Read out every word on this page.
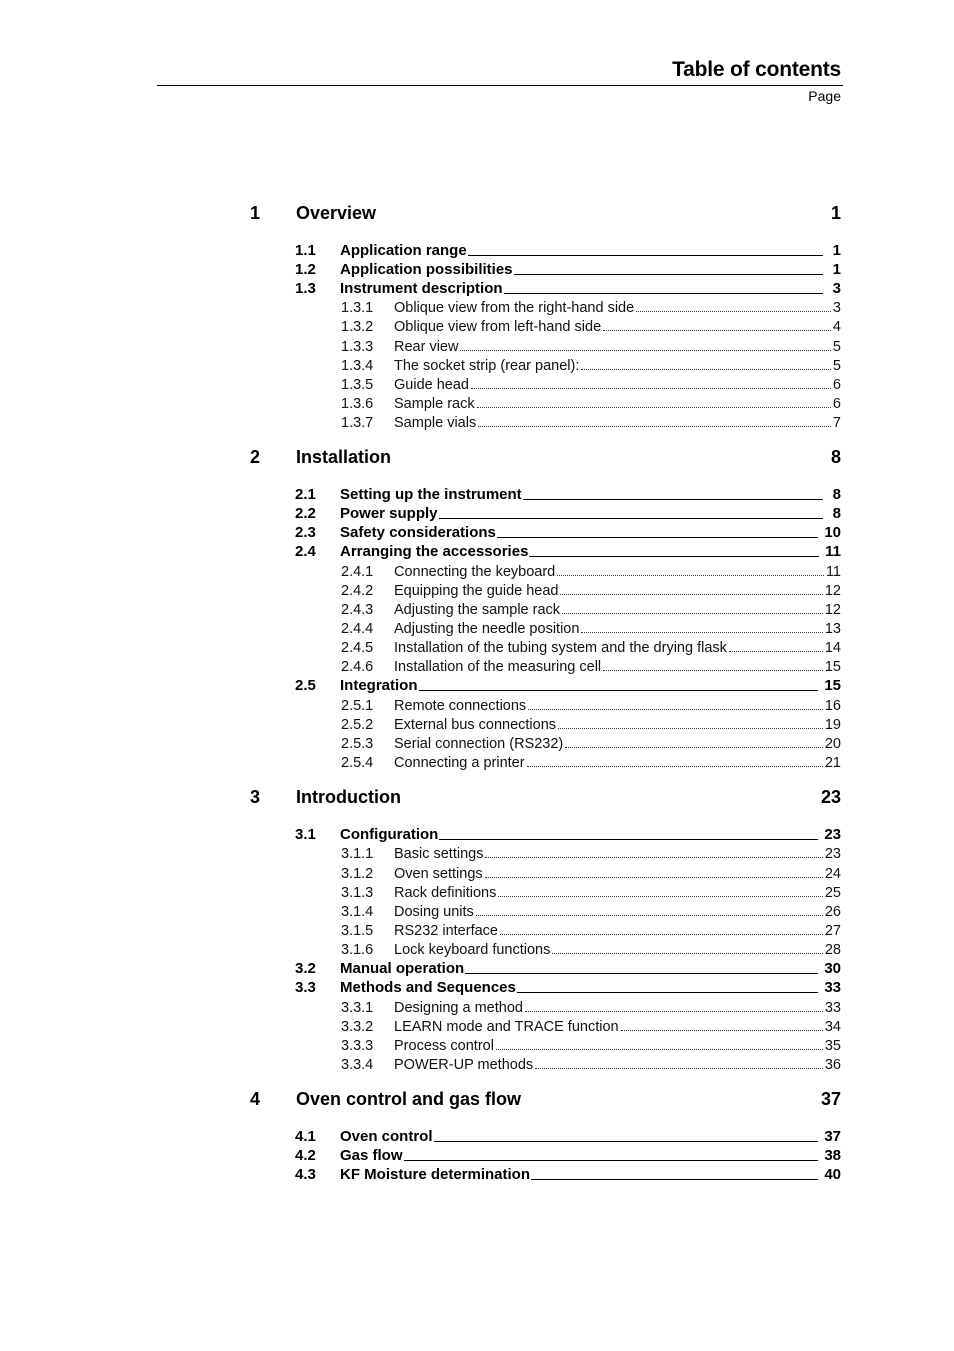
Table of contents
Page
1	Overview	1
1.1	Application range	1
1.2	Application possibilities	1
1.3	Instrument description	3
1.3.1	Oblique view from the right-hand side	3
1.3.2	Oblique view from left-hand side	4
1.3.3	Rear view	5
1.3.4	The socket strip (rear panel):	5
1.3.5	Guide head	6
1.3.6	Sample rack	6
1.3.7	Sample vials	7
2	Installation	8
2.1	Setting up the instrument	8
2.2	Power supply	8
2.3	Safety considerations	10
2.4	Arranging the accessories	11
2.4.1	Connecting the keyboard	11
2.4.2	Equipping the guide head	12
2.4.3	Adjusting the sample rack	12
2.4.4	Adjusting the needle position	13
2.4.5	Installation of the tubing system and the drying flask	14
2.4.6	Installation of the measuring cell	15
2.5	Integration	15
2.5.1	Remote connections	16
2.5.2	External bus connections	19
2.5.3	Serial connection (RS232)	20
2.5.4	Connecting a printer	21
3	Introduction	23
3.1	Configuration	23
3.1.1	Basic settings	23
3.1.2	Oven settings	24
3.1.3	Rack definitions	25
3.1.4	Dosing units	26
3.1.5	RS232 interface	27
3.1.6	Lock keyboard functions	28
3.2	Manual operation	30
3.3	Methods and Sequences	33
3.3.1	Designing a method	33
3.3.2	LEARN mode and TRACE function	34
3.3.3	Process control	35
3.3.4	POWER-UP methods	36
4	Oven control and gas flow	37
4.1	Oven control	37
4.2	Gas flow	38
4.3	KF Moisture determination	40
